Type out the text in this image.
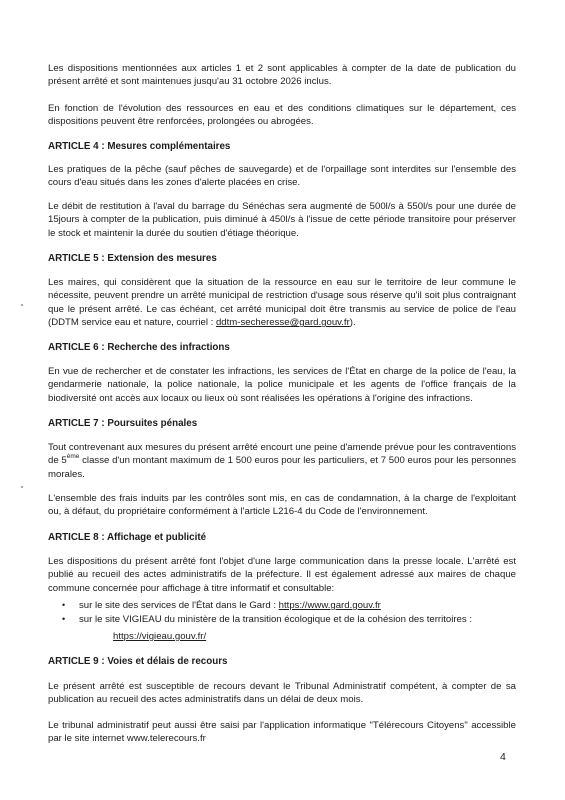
Les dispositions mentionnées aux articles 1 et 2 sont applicables à compter de la date de publication du présent arrêté et sont maintenues jusqu'au 31 octobre 2026 inclus.
En fonction de l'évolution des ressources en eau et des conditions climatiques sur le département, ces dispositions peuvent être renforcées, prolongées ou abrogées.
ARTICLE 4 : Mesures complémentaires
Les pratiques de la pêche (sauf pêches de sauvegarde) et de l'orpaillage sont interdites sur l'ensemble des cours d'eau situés dans les zones d'alerte placées en crise.
Le débit de restitution à l'aval du barrage du Sénéchas sera augmenté de 500l/s à 550l/s pour une durée de 15jours à compter de la publication, puis diminué à 450l/s à l'issue de cette période transitoire pour préserver le stock et maintenir la durée du soutien d'étiage théorique.
ARTICLE 5 : Extension des mesures
Les maires, qui considèrent que la situation de la ressource en eau sur le territoire de leur commune le nécessite, peuvent prendre un arrêté municipal de restriction d'usage sous réserve qu'il soit plus contraignant que le présent arrêté. Le cas échéant, cet arrêté municipal doit être transmis au service de police de l'eau (DDTM service eau et nature, courriel : ddtm-secheresse@gard.gouv.fr).
ARTICLE 6 : Recherche des infractions
En vue de rechercher et de constater les infractions, les services de l'État en charge de la police de l'eau, la gendarmerie nationale, la police nationale, la police municipale et les agents de l'office français de la biodiversité ont accès aux locaux ou lieux où sont réalisées les opérations à l'origine des infractions.
ARTICLE 7 : Poursuites pénales
Tout contrevenant aux mesures du présent arrêté encourt une peine d'amende prévue pour les contraventions de 5ème classe d'un montant maximum de 1 500 euros pour les particuliers, et 7 500 euros pour les personnes morales.
L'ensemble des frais induits par les contrôles sont mis, en cas de condamnation, à la charge de l'exploitant ou, à défaut, du propriétaire conformément à l'article L216-4 du Code de l'environnement.
ARTICLE 8 : Affichage et publicité
Les dispositions du présent arrêté font l'objet d'une large communication dans la presse locale. L'arrêté est publié au recueil des actes administratifs de la préfecture. Il est également adressé aux maires de chaque commune concernée pour affichage à titre informatif et consultable:
• sur le site des services de l'État dans le Gard : https://www.gard.gouv.fr
• sur le site VIGIEAU du ministère de la transition écologique et de la cohésion des territoires :
https://vigieau.gouv.fr/
ARTICLE 9 : Voies et délais de recours
Le présent arrêté est susceptible de recours devant le Tribunal Administratif compétent, à compter de sa publication au recueil des actes administratifs dans un délai de deux mois.
Le tribunal administratif peut aussi être saisi par l'application informatique "Télérecours Citoyens" accessible par le site internet www.telerecours.fr
4
